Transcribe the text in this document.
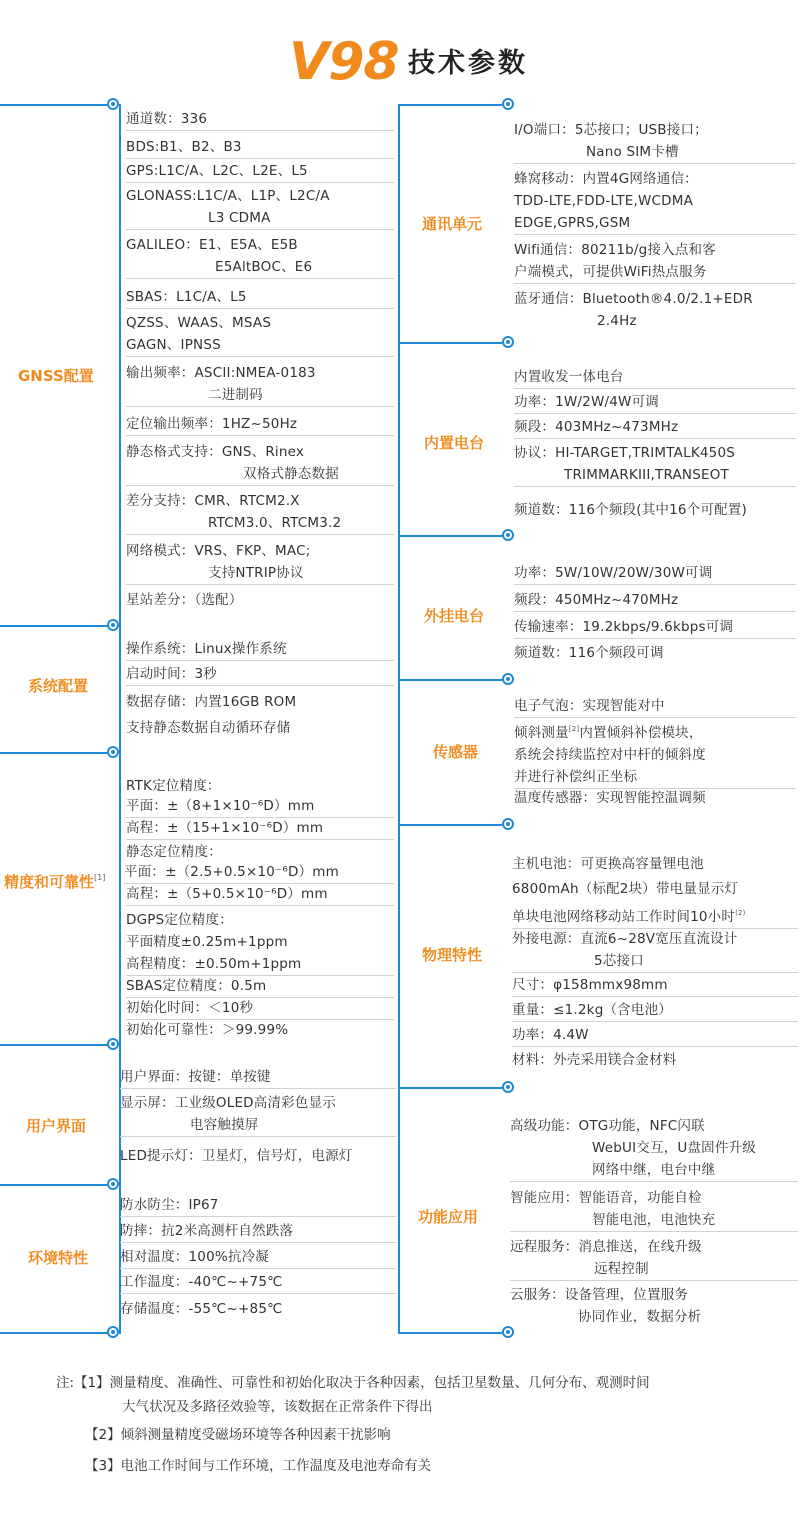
V98 技术参数
GNSS配置
通道数：336
BDS:B1、B2、B3
GPS:L1C/A、L2C、L2E、L5
GLONASS:L1C/A、L1P、L2C/A
L3 CDMA
GALILEO：E1、E5A、E5B
E5AltBOC、E6
SBAS：L1C/A、L5
QZSS、WAAS、MSAS
GAGN、IPNSS
输出频率：ASCII:NMEA-0183
二进制码
定位输出频率：1HZ~50Hz
静态格式支持：GNS、Rinex
双格式静态数据
差分支持：CMR、RTCM2.X
RTCM3.0、RTCM3.2
网络模式：VRS、FKP、MAC;
支持NTRIP协议
星站差分：（选配）
系统配置
操作系统：Linux操作系统
启动时间：3秒
数据存储：内置16GB ROM
支持静态数据自动循环存储
精度和可靠性[1]
RTK定位精度：
平面：±（8+1×10⁻⁶D）mm
高程：±（15+1×10⁻⁶D）mm
静态定位精度：
平面：±（2.5+0.5×10⁻⁶D）mm
高程：±（5+0.5×10⁻⁶D）mm
DGPS定位精度：
平面精度±0.25m+1ppm
高程精度：±0.50m+1ppm
SBAS定位精度：0.5m
初始化时间：＜10秒
初始化可靠性：＞99.99%
用户界面
用户界面：按键：单按键
显示屏：工业级OLED高清彩色显示
电容触摸屏
LED提示灯：卫星灯，信号灯，电源灯
环境特性
防水防尘：IP67
防摔：抗2米高测杆自然跌落
相对温度：100%抗冷凝
工作温度：-40℃~+75℃
存储温度：-55℃~+85℃
通讯单元
I/O端口：5芯接口；USB接口；
Nano SIM卡槽
蜂窝移动：内置4G网络通信：
TDD-LTE,FDD-LTE,WCDMA
EDGE,GPRS,GSM
Wifi通信：80211b/g接入点和客
户端模式，可提供WiFi热点服务
蓝牙通信：Bluetooth®4.0/2.1+EDR
2.4Hz
内置电台
内置收发一体电台
功率：1W/2W/4W可调
频段：403MHz~473MHz
协议：HI-TARGET,TRIMTALK450S
TRIMMARKIII,TRANSEOT
频道数：116个频段(其中16个可配置)
外挂电台
功率：5W/10W/20W/30W可调
频段：450MHz~470MHz
传输速率：19.2kbps/9.6kbps可调
频道数：116个频段可调
传感器
电子气泡：实现智能对中
倾斜测量[2]内置倾斜补偿模块，
系统会持续监控对中杆的倾斜度
并进行补偿纠正坐标
温度传感器：实现智能控温调频
物理特性
主机电池：可更换高容量锂电池
6800mAh（标配2块）带电量显示灯
单块电池网络移动站工作时间10小时$^{(2)}$
外接电源：直流6~28V宽压直流设计
5芯接口
尺寸：φ158mmx98mm
重量：≤1.2kg（含电池）
功率：4.4W
材料：外壳采用镁合金材料
功能应用
高级功能：OTG功能，NFC闪联
WebUI交互，U盘固件升级
网络中继，电台中继
智能应用：智能语音，功能自检
智能电池，电池快充
远程服务：消息推送，在线升级
远程控制
云服务：设备管理，位置服务
协同作业，数据分析
注:【1】测量精度、准确性、可靠性和初始化取决于各种因素，包括卫星数量、几何分布、观测时间
大气状况及多路径效验等，该数据在正常条件下得出
【2】倾斜测量精度受磁场环境等各种因素干扰影响
【3】电池工作时间与工作环境，工作温度及电池寿命有关
